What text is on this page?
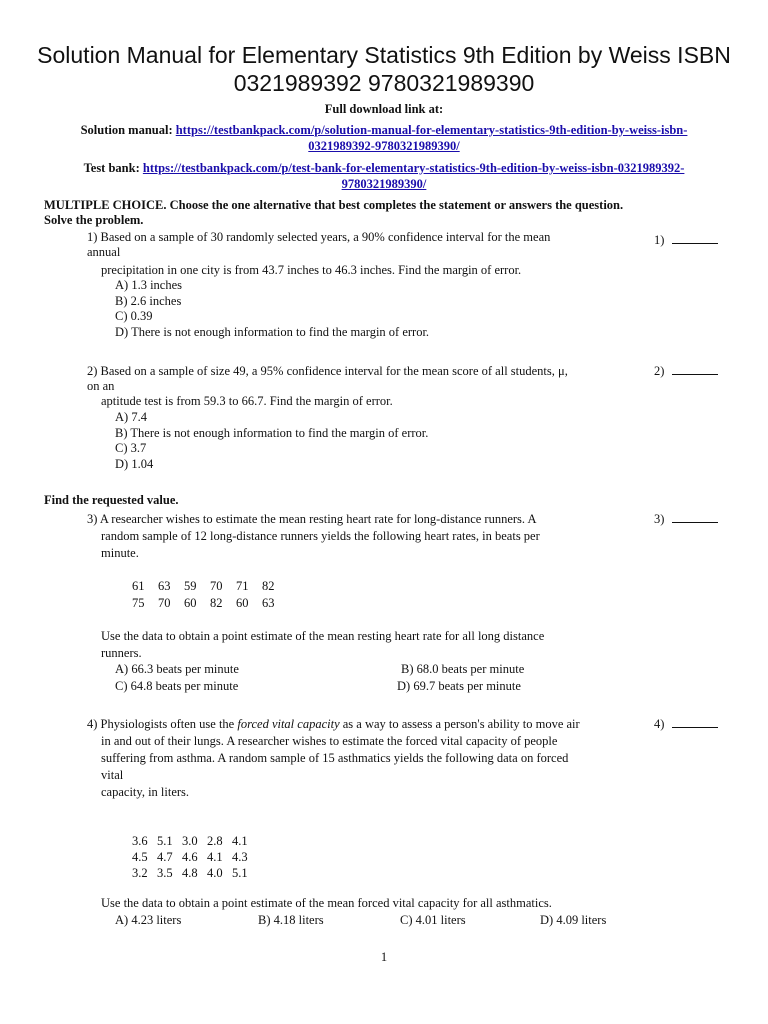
Solution Manual for Elementary Statistics 9th Edition by Weiss ISBN
0321989392 9780321989390
Full download link at:
Solution manual: https://testbankpack.com/p/solution-manual-for-elementary-statistics-9th-edition-by-weiss-isbn-
0321989392-9780321989390/
Test bank: https://testbankpack.com/p/test-bank-for-elementary-statistics-9th-edition-by-weiss-isbn-0321989392-
9780321989390/
MULTIPLE CHOICE. Choose the one alternative that best completes the statement or answers the question.
Solve the problem.
1) Based on a sample of 30 randomly selected years, a 90% confidence interval for the mean
annual
precipitation in one city is from 43.7 inches to 46.3 inches. Find the margin of error.
A) 1.3 inches
B) 2.6 inches
C) 0.39
D) There is not enough information to find the margin of error.
1)
2) Based on a sample of size 49, a 95% confidence interval for the mean score of all students, μ,
on an
aptitude test is from 59.3 to 66.7. Find the margin of error.
A) 7.4
B) There is not enough information to find the margin of error.
C) 3.7
D) 1.04
2)
Find the requested value.
3) A researcher wishes to estimate the mean resting heart rate for long-distance runners. A
random sample of 12 long-distance runners yields the following heart rates, in beats per
minute.
61 63 59 70 71 82
75 70 60 82 60 63
Use the data to obtain a point estimate of the mean resting heart rate for all long distance
runners.
A) 66.3 beats per minute	B) 68.0 beats per minute
C) 64.8 beats per minute	D) 69.7 beats per minute
3)
4) Physiologists often use the forced vital capacity as a way to assess a person's ability to move air
in and out of their lungs. A researcher wishes to estimate the forced vital capacity of people
suffering from asthma. A random sample of 15 asthmatics yields the following data on forced
vital
capacity, in liters.
3.6 5.1 3.0 2.8 4.1
4.5 4.7 4.6 4.1 4.3
3.2 3.5 4.8 4.0 5.1
Use the data to obtain a point estimate of the mean forced vital capacity for all asthmatics.
A) 4.23 liters	B) 4.18 liters	C) 4.01 liters	D) 4.09 liters
4)
1
